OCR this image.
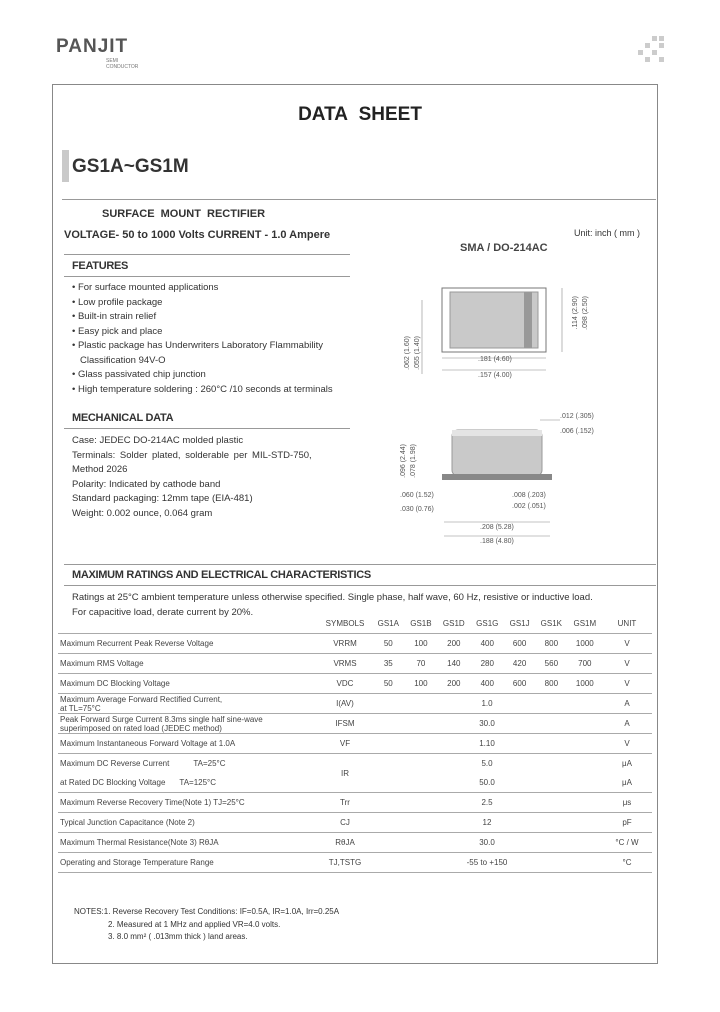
PANJIT
SEMI
CONDUCTOR
DATA SHEET
GS1A~GS1M
SURFACE MOUNT RECTIFIER
VOLTAGE- 50 to 1000 Volts CURRENT - 1.0 Ampere	Unit: inch ( mm )
SMA / DO-214AC
FEATURES
• For surface mounted applications
• Low profile package
• Built-in strain relief
• Easy pick and place
• Plastic package has Underwriters Laboratory Flammability
Classification 94V-O
• Glass passivated chip junction
• High temperature soldering : 260°C /10 seconds at terminals
MECHANICAL DATA
Case: JEDEC DO-214AC molded plastic
Terminals: Solder plated, solderable per MIL-STD-750,
Method 2026
Polarity: Indicated by cathode band
Standard packaging: 12mm tape (EIA-481)
Weight: 0.002 ounce, 0.064 gram
.181 (4.60)
.157 (4.00)
.114 (2.90) .098 (2.50)
.062 (1.60) .055 (1.40)
.012 (.305)
.006 (.152)
.096 (2.44) .078 (1.98)
.060 (1.52)
.030 (0.76)
.008 (.203)
.002 (.051)
.208 (5.28)
.188 (4.80)
MAXIMUM RATINGS AND ELECTRICAL CHARACTERISTICS
Ratings at 25°C ambient temperature unless otherwise specified. Single phase, half wave, 60 Hz, resistive or inductive load.
For capacitive load, derate current by 20%.
	SYMBOLS	GS1A	GS1B	GS1D	GS1G	GS1J	GS1K	GS1M	UNIT
Maximum Recurrent Peak Reverse Voltage	VRRM	50	100	200	400	600	800	1000	V
Maximum RMS Voltage	VRMS	35	70	140	280	420	560	700	V
Maximum DC Blocking Voltage	VDC	50	100	200	400	600	800	1000	V

Maximum Average Forward Rectified Current,
at TL=75°C	I(AV)	1.0							A

Peak Forward Surge Current 8.3ms single half sine-wave
superimposed on rated load (JEDEC method)	IFSM	30.0							A
Maximum Instantaneous Forward Voltage at 1.0A	VF	1.10							V
Maximum DC Reverse Current TA=25°C	IR	5.0							μA
at Rated DC Blocking Voltage TA=125°C		50.0							μA
Maximum Reverse Recovery Time(Note 1) TJ=25°C	Trr	2.5							μs
Typical Junction Capacitance (Note 2)	CJ	12							pF
Maximum Thermal Resistance(Note 3) RθJA	RθJA	30.0							°C / W
Operating and Storage Temperature Range	TJ,TSTG	-55 to +150							°C
NOTES:1. Reverse Recovery Test Conditions: IF=0.5A, IR=1.0A, Irr=0.25A
2. Measured at 1 MHz and applied VR=4.0 volts.
3. 8.0 mm² ( .013mm thick ) land areas.
